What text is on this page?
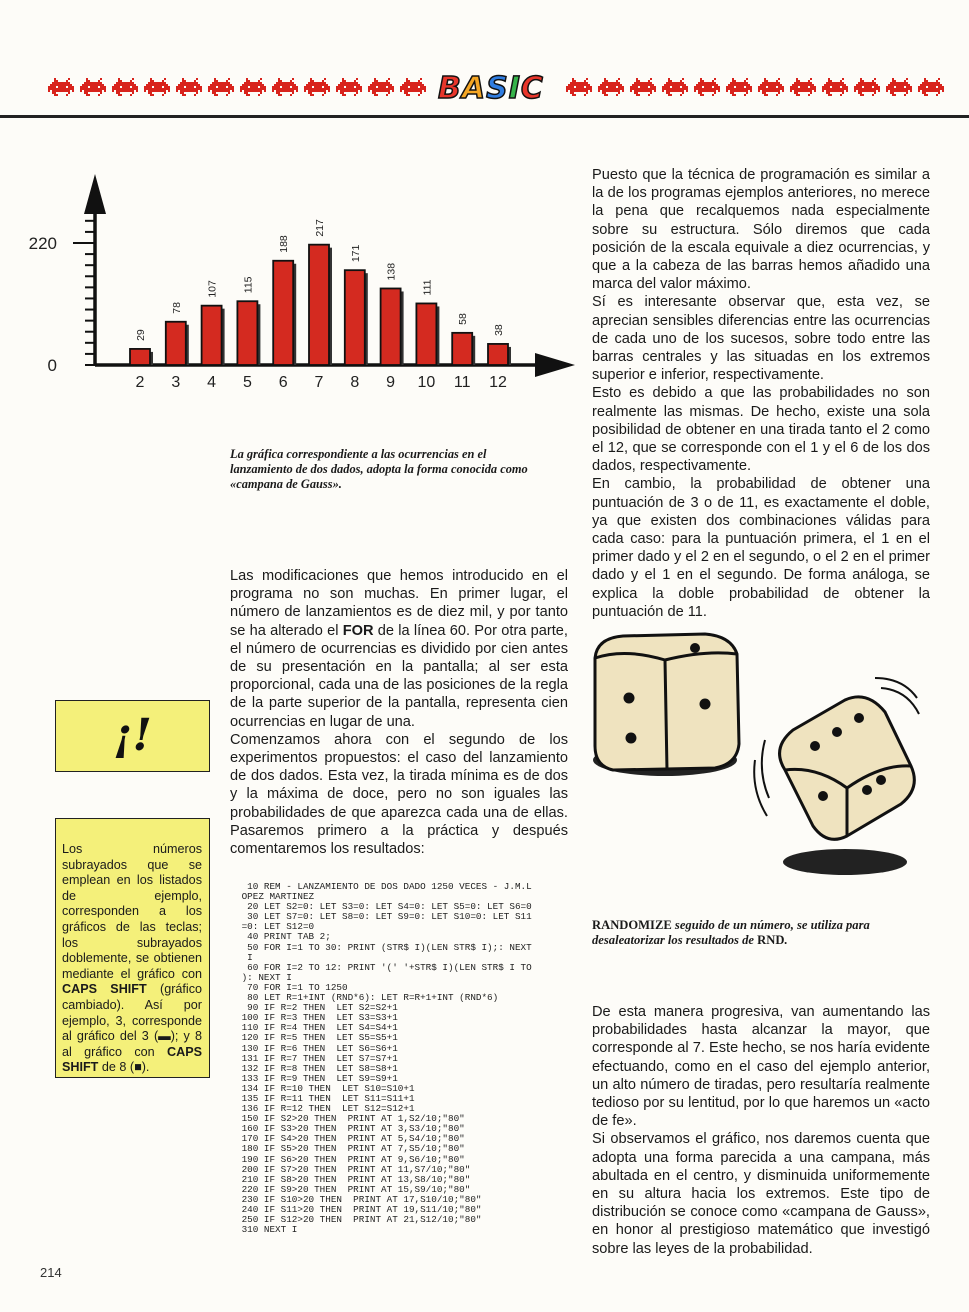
BASIC
0
220
29
2
78
3
107
4
115
5
188
6
217
7
171
8
138
9
111
10
58
11
38
12
La gráfica correspondiente a las ocurrencias en el lanzamiento de dos dados, adopta la forma conocida como «campana de Gauss».

Las modificaciones que hemos introducido en el programa no son muchas. En primer lugar, el número de lanzamientos es de diez mil, y por tanto se ha alterado el FOR de la línea 60. Por otra parte, el número de ocurrencias es dividido por cien antes de su presentación en la pantalla; al ser esta proporcional, cada una de las posiciones de la regla de la parte superior de la pantalla, representa cien ocurrencias en lugar de una.

Comenzamos ahora con el segundo de los experimentos propuestos: el caso del lanzamiento de dos dados. Esta vez, la tirada mínima es de dos y la máxima de doce, pero no son iguales las probabilidades de que aparezca cada una de ellas. Pasaremos primero a la práctica y después comentaremos los resultados:

10 REM - LANZAMIENTO DE DOS DADO 1250 VECES - J.M.L
OPEZ MARTINEZ
20 LET S2=0: LET S3=0: LET S4=0: LET S5=0: LET S6=0
30 LET S7=0: LET S8=0: LET S9=0: LET S10=0: LET S11
=0: LET S12=0
40 PRINT TAB 2;
50 FOR I=1 TO 30: PRINT (STR$ I)(LEN STR$ I);: NEXT
I
60 FOR I=2 TO 12: PRINT '(' '+STR$ I)(LEN STR$ I TO
): NEXT I
70 FOR I=1 TO 1250
80 LET R=1+INT (RND*6): LET R=R+1+INT (RND*6)
90 IF R=2 THEN  LET S2=S2+1
100 IF R=3 THEN  LET S3=S3+1
110 IF R=4 THEN  LET S4=S4+1
120 IF R=5 THEN  LET S5=S5+1
130 IF R=6 THEN  LET S6=S6+1
131 IF R=7 THEN  LET S7=S7+1
132 IF R=8 THEN  LET S8=S8+1
133 IF R=9 THEN  LET S9=S9+1
134 IF R=10 THEN  LET S10=S10+1
135 IF R=11 THEN  LET S11=S11+1
136 IF R=12 THEN  LET S12=S12+1
150 IF S2>20 THEN  PRINT AT 1,S2/10;"80"
160 IF S3>20 THEN  PRINT AT 3,S3/10;"80"
170 IF S4>20 THEN  PRINT AT 5,S4/10;"80"
180 IF S5>20 THEN  PRINT AT 7,S5/10;"80"
190 IF S6>20 THEN  PRINT AT 9,S6/10;"80"
200 IF S7>20 THEN  PRINT AT 11,S7/10;"80"
210 IF S8>20 THEN  PRINT AT 13,S8/10;"80"
220 IF S9>20 THEN  PRINT AT 15,S9/10;"80"
230 IF S10>20 THEN  PRINT AT 17,S10/10;"80"
240 IF S11>20 THEN  PRINT AT 19,S11/10;"80"
250 IF S12>20 THEN  PRINT AT 21,S12/10;"80"
310 NEXT I
¡!
Los números subrayados que se emplean en los listados de ejemplo, corresponden a los gráficos de las teclas; los subrayados doblemente, se obtienen mediante el gráfico con CAPS SHIFT (gráfico cambiado). Así por ejemplo, 3, corresponde al gráfico del 3 (▬); y 8 al gráfico con CAPS SHIFT de 8 (■).

Puesto que la técnica de programación es similar a la de los programas ejemplos anteriores, no merece la pena que recalquemos nada especialmente sobre su estructura. Sólo diremos que cada posición de la escala equivale a diez ocurrencias, y que a la cabeza de las barras hemos añadido una marca del valor máximo.

Sí es interesante observar que, esta vez, se aprecian sensibles diferencias entre las ocurrencias de cada uno de los sucesos, sobre todo entre las barras centrales y las situadas en los extremos superior e inferior, respectivamente.

Esto es debido a que las probabilidades no son realmente las mismas. De hecho, existe una sola posibilidad de obtener en una tirada tanto el 2 como el 12, que se corresponde con el 1 y el 6 de los dos dados, respectivamente.

En cambio, la probabilidad de obtener una puntuación de 3 o de 11, es exactamente el doble, ya que existen dos combinaciones válidas para cada caso: para la puntuación primera, el 1 en el primer dado y el 2 en el segundo, o el 2 en el primer dado y el 1 en el segundo. De forma análoga, se explica la doble probabilidad de obtener la puntuación de 11.

RANDOMIZE seguido de un número, se utiliza para desaleatorizar los resultados de RND.

De esta manera progresiva, van aumentando las probabilidades hasta alcanzar la mayor, que corresponde al 7. Este hecho, se nos haría evidente efectuando, como en el caso del ejemplo anterior, un alto número de tiradas, pero resultaría realmente tedioso por su lentitud, por lo que haremos un «acto de fe».

Si observamos el gráfico, nos daremos cuenta que adopta una forma parecida a una campana, más abultada en el centro, y disminuida uniformemente en su altura hacia los extremos. Este tipo de distribución se conoce como «campana de Gauss», en honor al prestigioso matemático que investigó sobre las leyes de la probabilidad.

214
